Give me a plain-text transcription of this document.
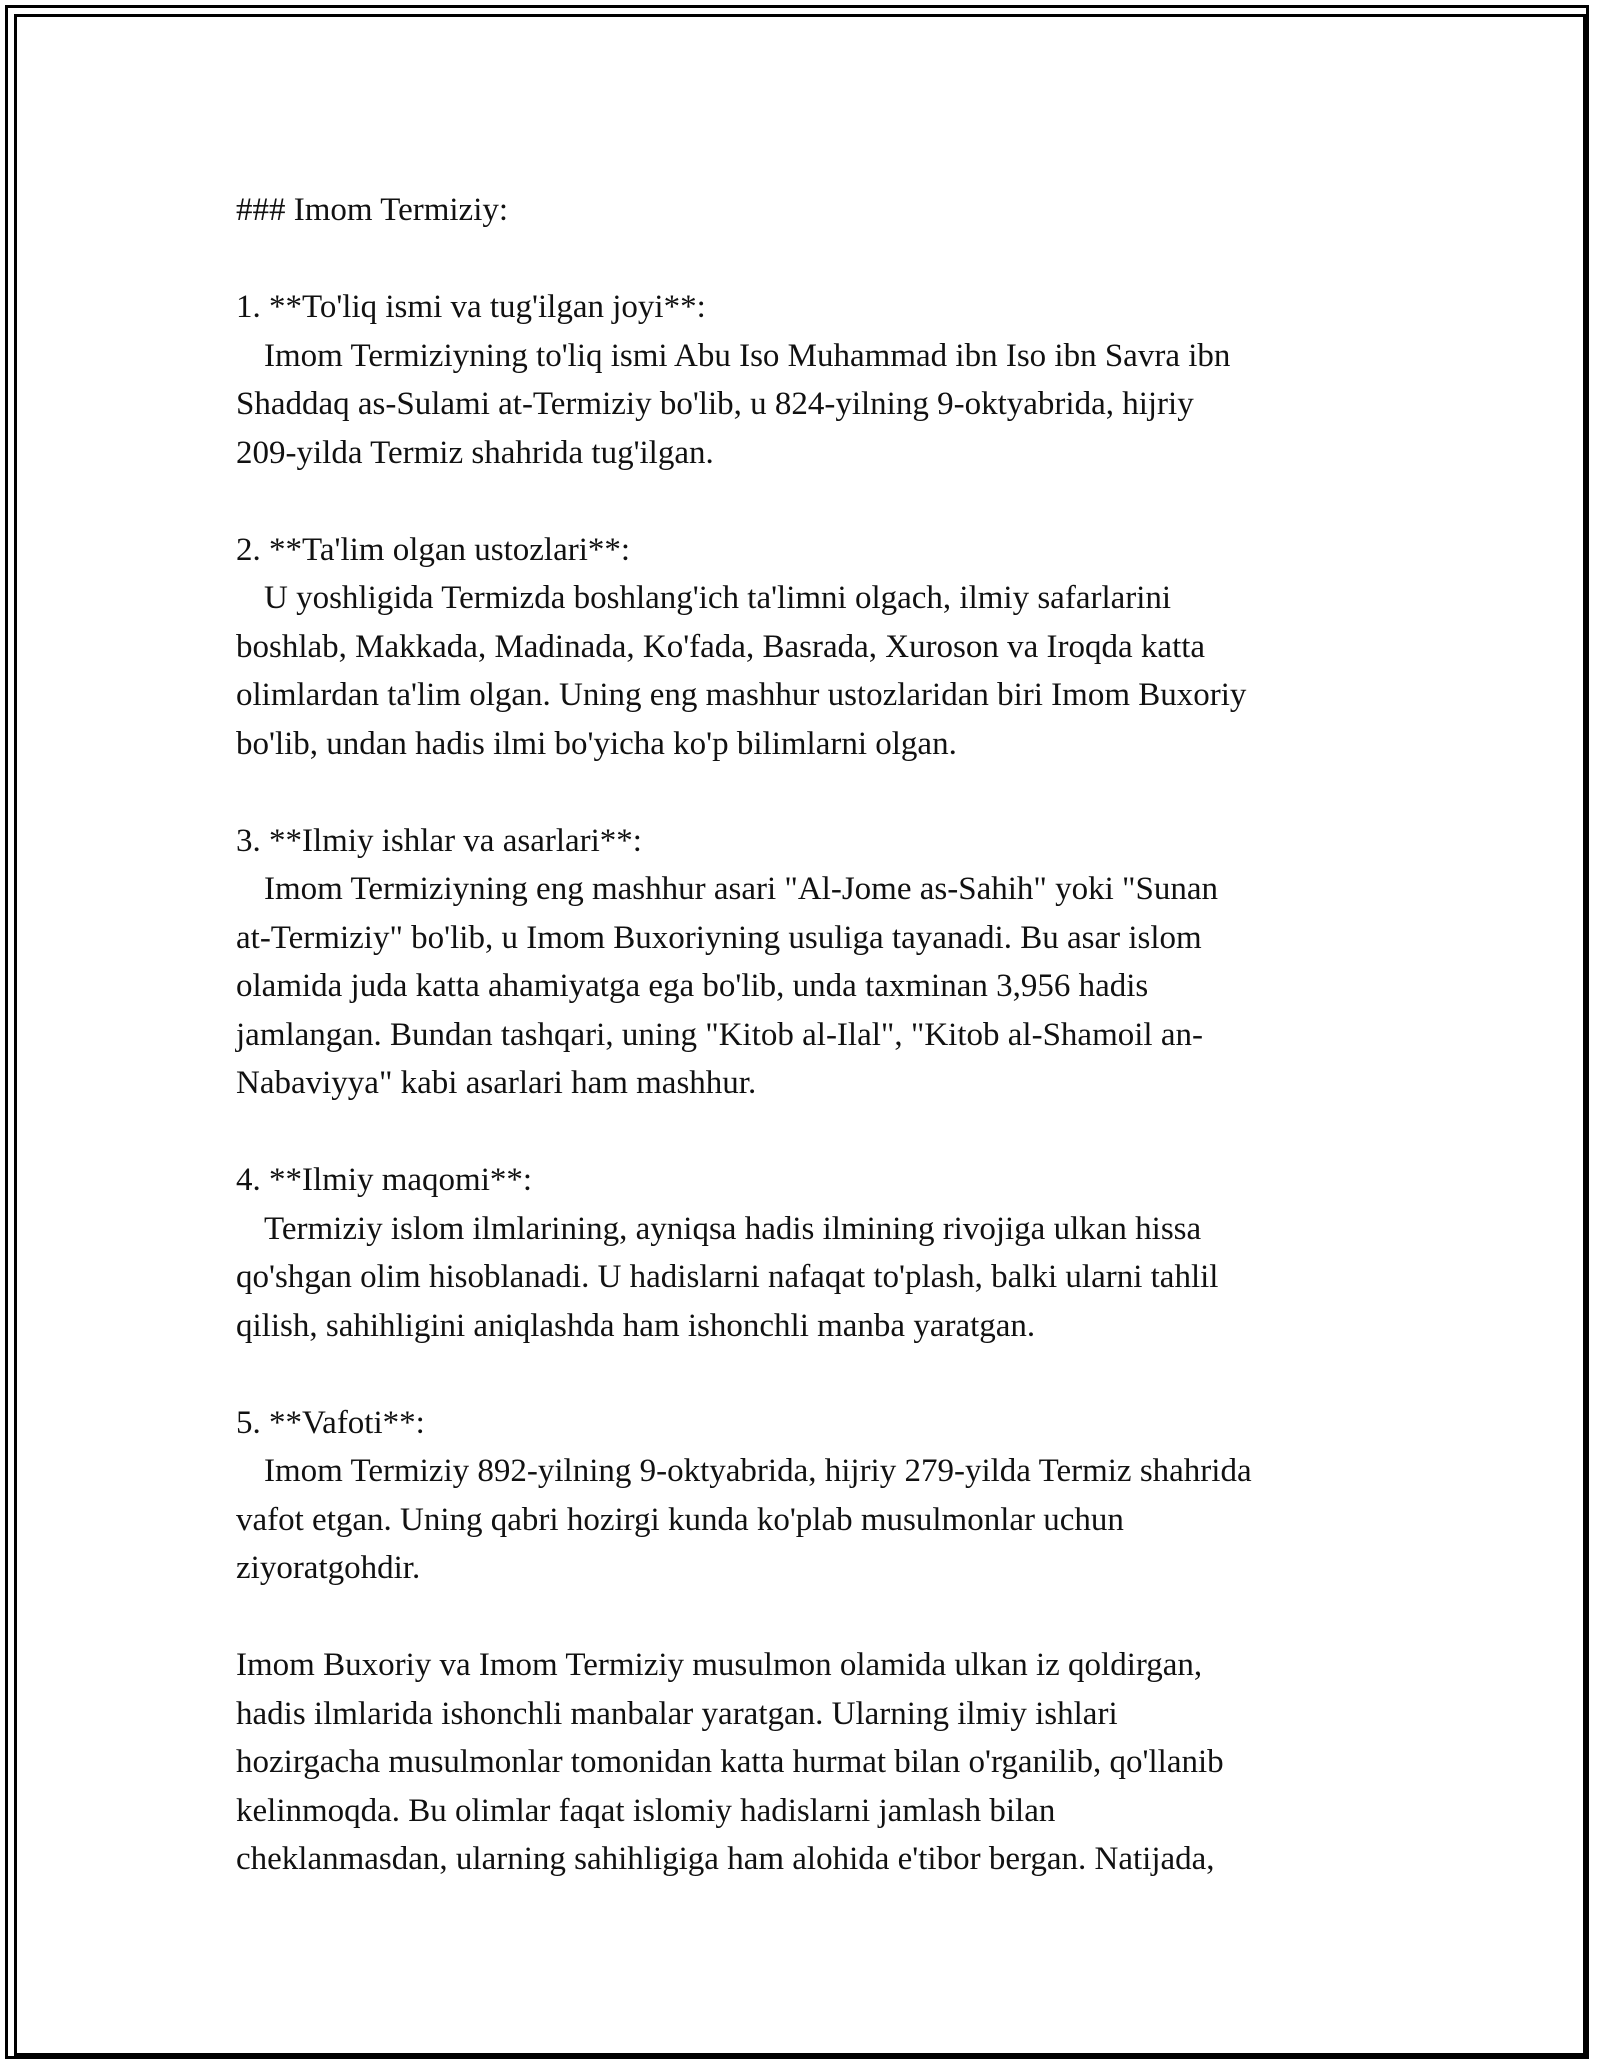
### Imom Termiziy:
1. **To'liq ismi va tug'ilgan joyi**:
Imom Termiziyning to'liq ismi Abu Iso Muhammad ibn Iso ibn Savra ibn
Shaddaq as-Sulami at-Termiziy bo'lib, u 824-yilning 9-oktyabrida, hijriy
209-yilda Termiz shahrida tug'ilgan.
2. **Ta'lim olgan ustozlari**:
U yoshligida Termizda boshlang'ich ta'limni olgach, ilmiy safarlarini
boshlab, Makkada, Madinada, Ko'fada, Basrada, Xuroson va Iroqda katta
olimlardan ta'lim olgan. Uning eng mashhur ustozlaridan biri Imom Buxoriy
bo'lib, undan hadis ilmi bo'yicha ko'p bilimlarni olgan.
3. **Ilmiy ishlar va asarlari**:
Imom Termiziyning eng mashhur asari "Al-Jome as-Sahih" yoki "Sunan
at-Termiziy" bo'lib, u Imom Buxoriyning usuliga tayanadi. Bu asar islom
olamida juda katta ahamiyatga ega bo'lib, unda taxminan 3,956 hadis
jamlangan. Bundan tashqari, uning "Kitob al-Ilal", "Kitob al-Shamoil an-
Nabaviyya" kabi asarlari ham mashhur.
4. **Ilmiy maqomi**:
Termiziy islom ilmlarining, ayniqsa hadis ilmining rivojiga ulkan hissa
qo'shgan olim hisoblanadi. U hadislarni nafaqat to'plash, balki ularni tahlil
qilish, sahihligini aniqlashda ham ishonchli manba yaratgan.
5. **Vafoti**:
Imom Termiziy 892-yilning 9-oktyabrida, hijriy 279-yilda Termiz shahrida
vafot etgan. Uning qabri hozirgi kunda ko'plab musulmonlar uchun
ziyoratgohdir.
Imom Buxoriy va Imom Termiziy musulmon olamida ulkan iz qoldirgan,
hadis ilmlarida ishonchli manbalar yaratgan. Ularning ilmiy ishlari
hozirgacha musulmonlar tomonidan katta hurmat bilan o'rganilib, qo'llanib
kelinmoqda. Bu olimlar faqat islomiy hadislarni jamlash bilan
cheklanmasdan, ularning sahihligiga ham alohida e'tibor bergan. Natijada,
